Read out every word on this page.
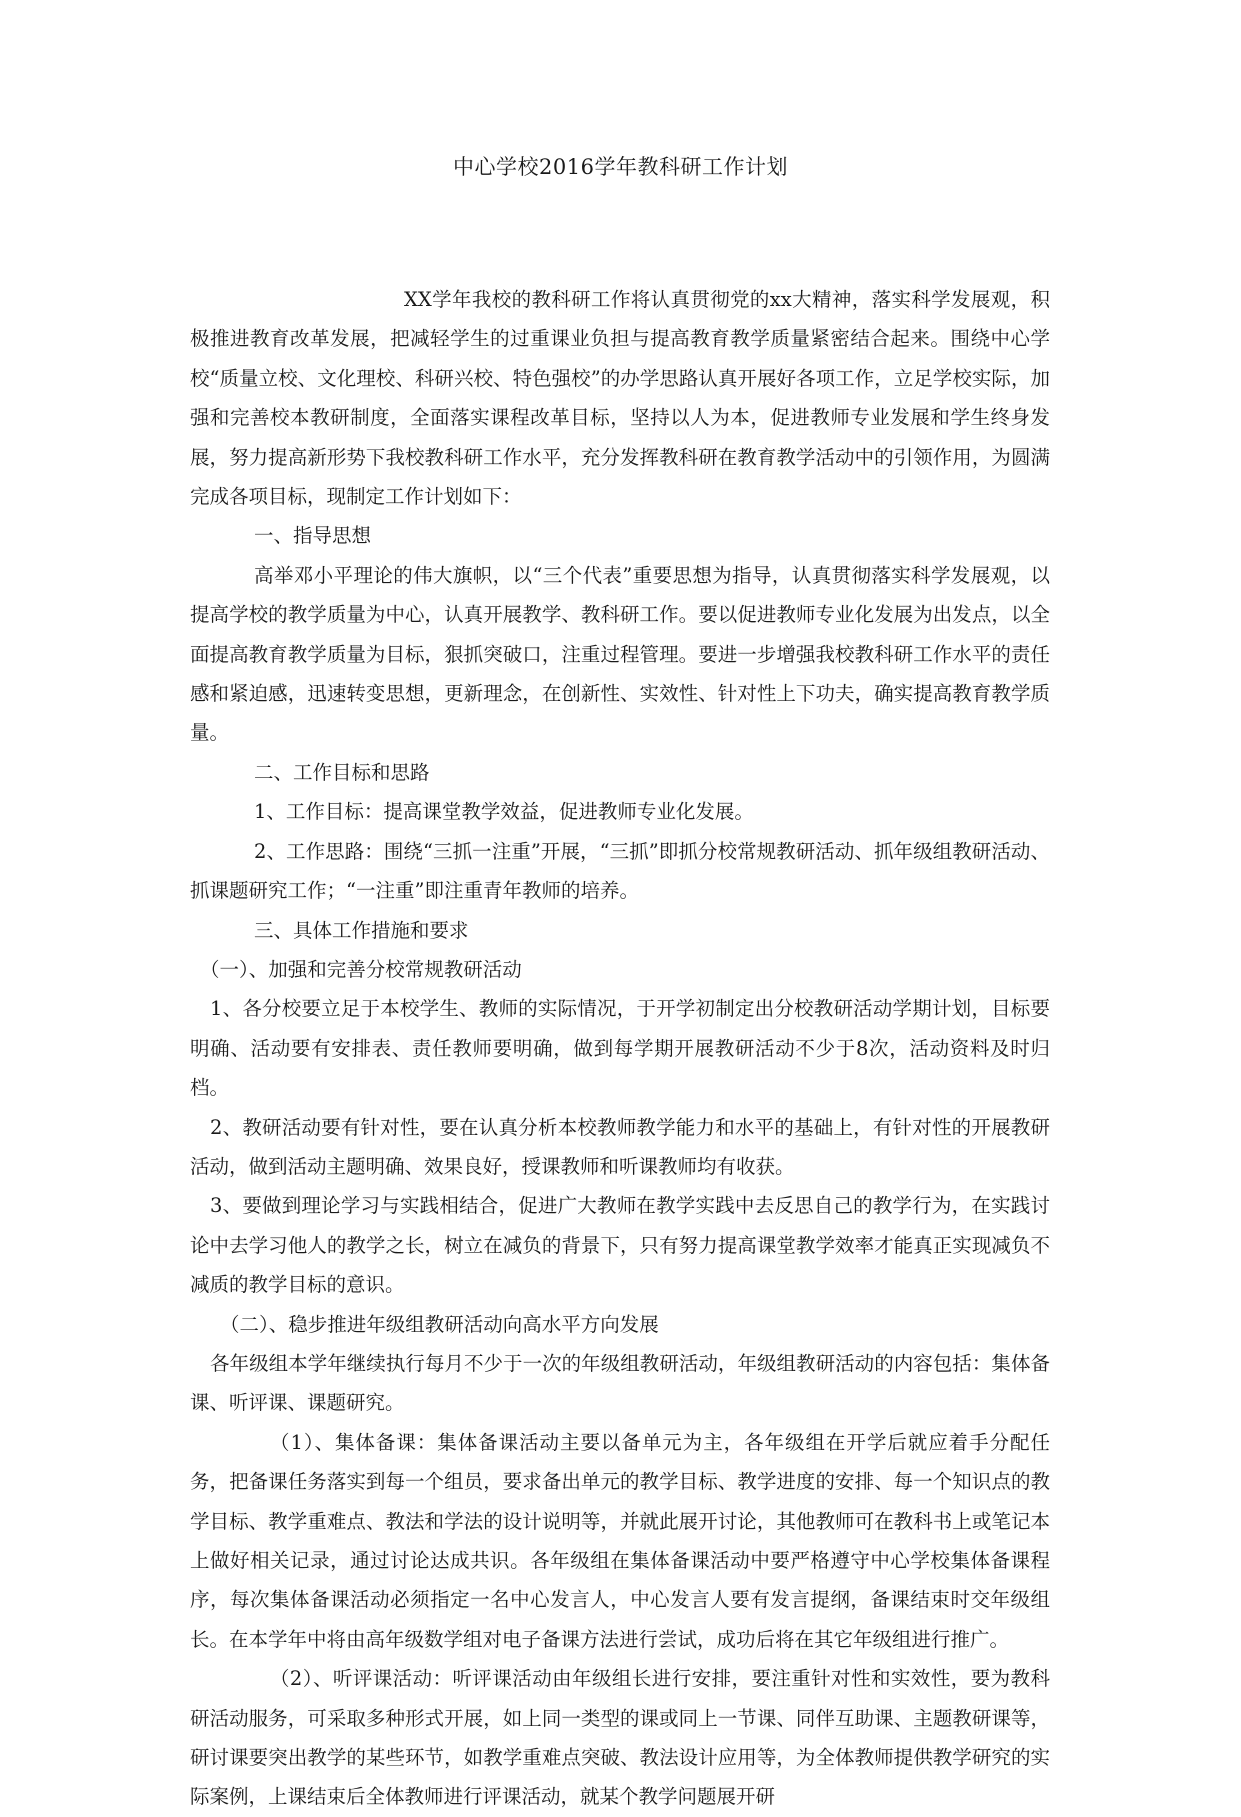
中心学校2016学年教科研工作计划

XX学年我校的教科研工作将认真贯彻党的xx大精神，落实科学发展观，积极推进教育改革发展，把减轻学生的过重课业负担与提高教育教学质量紧密结合起来。围绕中心学校“质量立校、文化理校、科研兴校、特色强校”的办学思路认真开展好各项工作，立足学校实际，加强和完善校本教研制度，全面落实课程改革目标，坚持以人为本，促进教师专业发展和学生终身发展，努力提高新形势下我校教科研工作水平，充分发挥教科研在教育教学活动中的引领作用，为圆满完成各项目标，现制定工作计划如下：

一、指导思想

高举邓小平理论的伟大旗帜，以“三个代表”重要思想为指导，认真贯彻落实科学发展观，以提高学校的教学质量为中心，认真开展教学、教科研工作。要以促进教师专业化发展为出发点，以全面提高教育教学质量为目标，狠抓突破口，注重过程管理。要进一步增强我校教科研工作水平的责任感和紧迫感，迅速转变思想，更新理念，在创新性、实效性、针对性上下功夫，确实提高教育教学质量。

二、工作目标和思路

1、工作目标：提高课堂教学效益，促进教师专业化发展。

2、工作思路：围绕“三抓一注重”开展，“三抓”即抓分校常规教研活动、抓年级组教研活动、抓课题研究工作；“一注重”即注重青年教师的培养。

三、具体工作措施和要求

（一）、加强和完善分校常规教研活动

1、各分校要立足于本校学生、教师的实际情况，于开学初制定出分校教研活动学期计划，目标要明确、活动要有安排表、责任教师要明确，做到每学期开展教研活动不少于8次，活动资料及时归档。

2、教研活动要有针对性，要在认真分析本校教师教学能力和水平的基础上，有针对性的开展教研活动，做到活动主题明确、效果良好，授课教师和听课教师均有收获。

3、要做到理论学习与实践相结合，促进广大教师在教学实践中去反思自己的教学行为，在实践讨论中去学习他人的教学之长，树立在减负的背景下，只有努力提高课堂教学效率才能真正实现减负不减质的教学目标的意识。

（二）、稳步推进年级组教研活动向高水平方向发展

各年级组本学年继续执行每月不少于一次的年级组教研活动，年级组教研活动的内容包括：集体备课、听评课、课题研究。

（1）、集体备课：集体备课活动主要以备单元为主，各年级组在开学后就应着手分配任务，把备课任务落实到每一个组员，要求备出单元的教学目标、教学进度的安排、每一个知识点的教学目标、教学重难点、教法和学法的设计说明等，并就此展开讨论，其他教师可在教科书上或笔记本上做好相关记录，通过讨论达成共识。各年级组在集体备课活动中要严格遵守中心学校集体备课程序，每次集体备课活动必须指定一名中心发言人，中心发言人要有发言提纲，备课结束时交年级组长。在本学年中将由高年级数学组对电子备课方法进行尝试，成功后将在其它年级组进行推广。

（2）、听评课活动：听评课活动由年级组长进行安排，要注重针对性和实效性，要为教科研活动服务，可采取多种形式开展，如上同一类型的课或同上一节课、同伴互助课、主题教研课等，研讨课要突出教学的某些环节，如教学重难点突破、教法设计应用等，为全体教师提供教学研究的实际案例，上课结束后全体教师进行评课活动，就某个教学问题展开研
